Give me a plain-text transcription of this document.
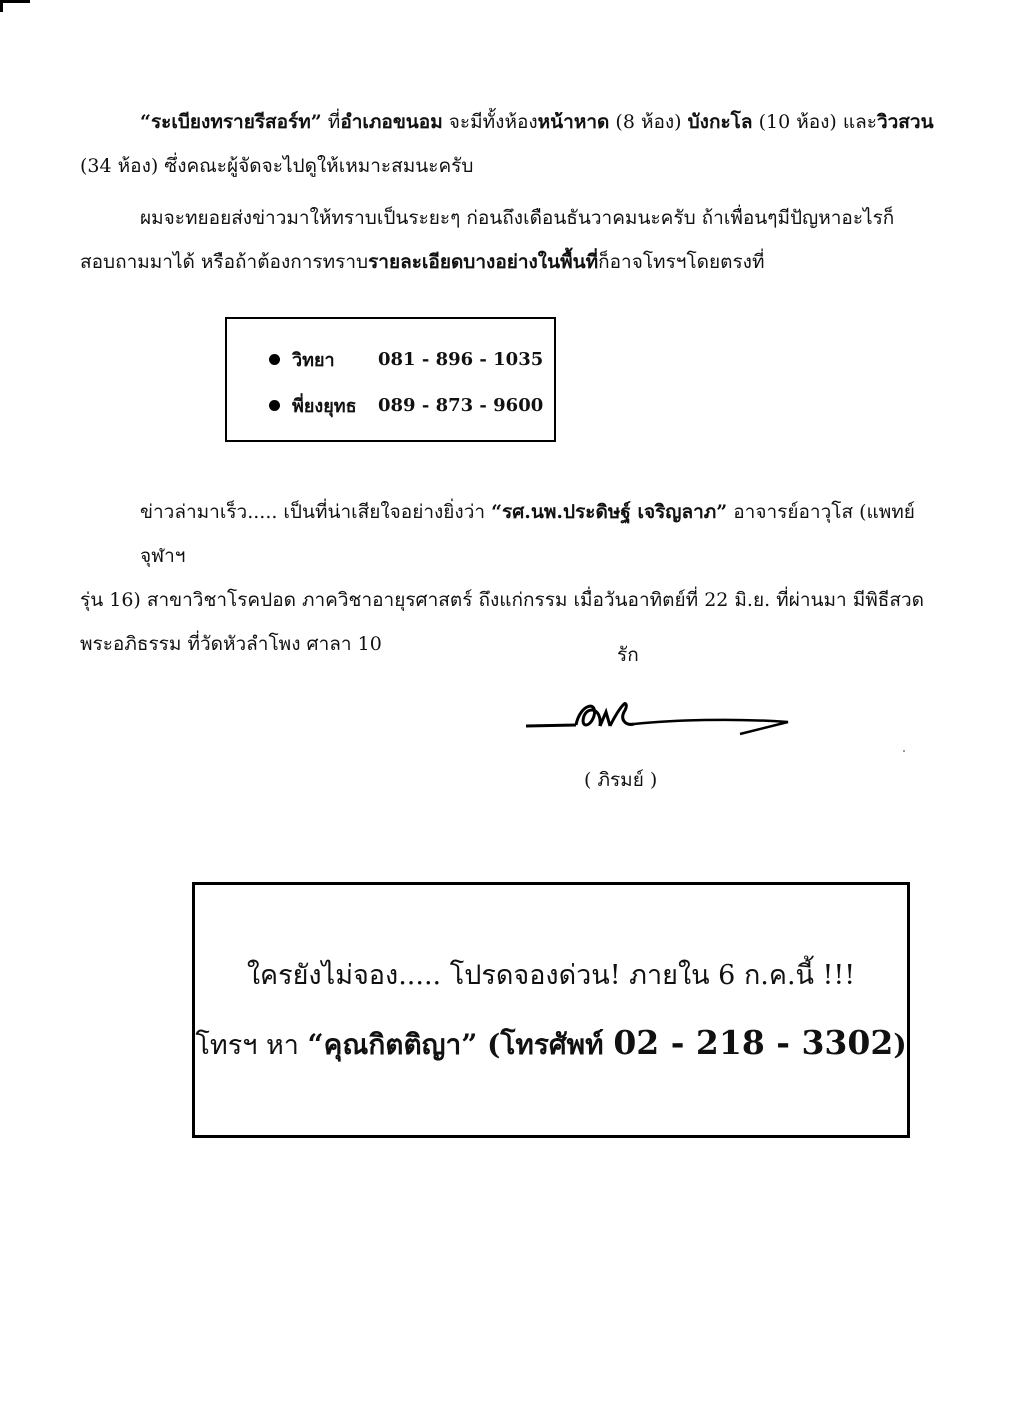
“ระเบียงทรายรีสอร์ท” ที่อำเภอขนอม จะมีทั้งห้องหน้าหาด (8 ห้อง) บังกะโล (10 ห้อง) และวิวสวน

(34 ห้อง) ซึ่งคณะผู้จัดจะไปดูให้เหมาะสมนะครับ

ผมจะทยอยส่งข่าวมาให้ทราบเป็นระยะๆ ก่อนถึงเดือนธันวาคมนะครับ ถ้าเพื่อนๆมีปัญหาอะไรก็

สอบถามมาได้ หรือถ้าต้องการทราบรายละเอียดบางอย่างในพื้นที่ก็อาจโทรฯโดยตรงที่

วิทยา	081 - 896 - 1035
พี่ยงยุทธ	089 - 873 - 9600

ข่าวล่ามาเร็ว..... เป็นที่น่าเสียใจอย่างยิ่งว่า “รศ.นพ.ประดิษฐ์ เจริญลาภ” อาจารย์อาวุโส (แพทย์จุฬาฯ

รุ่น 16) สาขาวิชาโรคปอด ภาควิชาอายุรศาสตร์ ถึงแก่กรรม เมื่อวันอาทิตย์ที่ 22 มิ.ย. ที่ผ่านมา มีพิธีสวด

พระอภิธรรม ที่วัดหัวลำโพง ศาลา 10	รัก
( ภิรมย์ )
ใครยังไม่จอง..... โปรดจองด่วน! ภายใน 6 ก.ค.นี้ !!!
โทรฯ หา “คุณกิตติญา” (โทรศัพท์ 02 - 218 - 3302)
